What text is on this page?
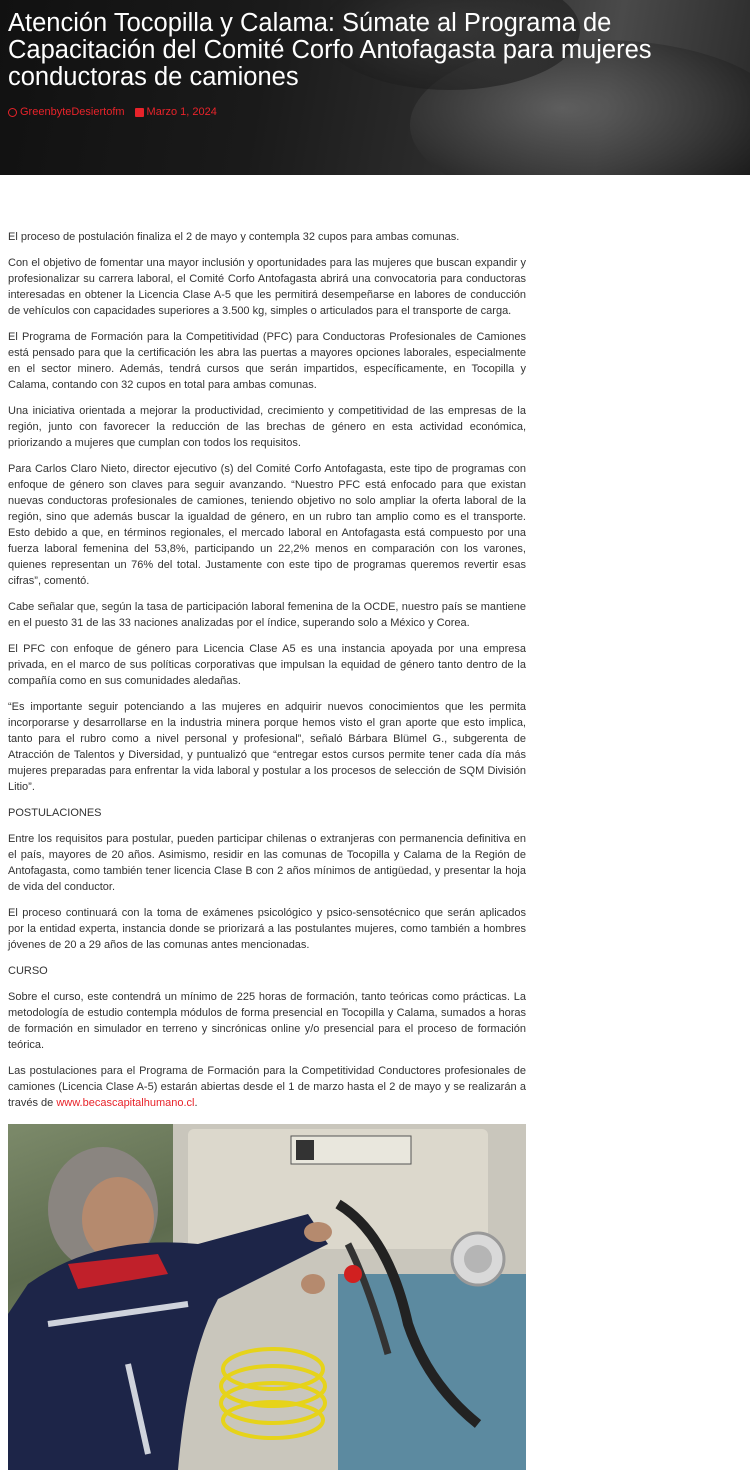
Atención Tocopilla y Calama: Súmate al Programa de Capacitación del Comité Corfo Antofagasta para mujeres conductoras de camiones
GreenbyteDesiertofm Marzo 1, 2024

El proceso de postulación finaliza el 2 de mayo y contempla 32 cupos para ambas comunas.

Con el objetivo de fomentar una mayor inclusión y oportunidades para las mujeres que buscan expandir y profesionalizar su carrera laboral, el Comité Corfo Antofagasta abrirá una convocatoria para conductoras interesadas en obtener la Licencia Clase A-5 que les permitirá desempeñarse en labores de conducción de vehículos con capacidades superiores a 3.500 kg, simples o articulados para el transporte de carga.

El Programa de Formación para la Competitividad (PFC) para Conductoras Profesionales de Camiones está pensado para que la certificación les abra las puertas a mayores opciones laborales, especialmente en el sector minero. Además, tendrá cursos que serán impartidos, específicamente, en Tocopilla y Calama, contando con 32 cupos en total para ambas comunas.

Una iniciativa orientada a mejorar la productividad, crecimiento y competitividad de las empresas de la región, junto con favorecer la reducción de las brechas de género en esta actividad económica, priorizando a mujeres que cumplan con todos los requisitos.

Para Carlos Claro Nieto, director ejecutivo (s) del Comité Corfo Antofagasta, este tipo de programas con enfoque de género son claves para seguir avanzando. “Nuestro PFC está enfocado para que existan nuevas conductoras profesionales de camiones, teniendo objetivo no solo ampliar la oferta laboral de la región, sino que además buscar la igualdad de género, en un rubro tan amplio como es el transporte. Esto debido a que, en términos regionales, el mercado laboral en Antofagasta está compuesto por una fuerza laboral femenina del 53,8%, participando un 22,2% menos en comparación con los varones, quienes representan un 76% del total. Justamente con este tipo de programas queremos revertir esas cifras”, comentó.

Cabe señalar que, según la tasa de participación laboral femenina de la OCDE, nuestro país se mantiene en el puesto 31 de las 33 naciones analizadas por el índice, superando solo a México y Corea.

El PFC con enfoque de género para Licencia Clase A5 es una instancia apoyada por una empresa privada, en el marco de sus políticas corporativas que impulsan la equidad de género tanto dentro de la compañía como en sus comunidades aledañas.

“Es importante seguir potenciando a las mujeres en adquirir nuevos conocimientos que les permita incorporarse y desarrollarse en la industria minera porque hemos visto el gran aporte que esto implica, tanto para el rubro como a nivel personal y profesional”, señaló Bárbara Blümel G., subgerenta de Atracción de Talentos y Diversidad, y puntualizó que “entregar estos cursos permite tener cada día más mujeres preparadas para enfrentar la vida laboral y postular a los procesos de selección de SQM División Litio”.

POSTULACIONES

Entre los requisitos para postular, pueden participar chilenas o extranjeras con permanencia definitiva en el país, mayores de 20 años. Asimismo, residir en las comunas de Tocopilla y Calama de la Región de Antofagasta, como también tener licencia Clase B con 2 años mínimos de antigüedad, y presentar la hoja de vida del conductor.

El proceso continuará con la toma de exámenes psicológico y psico-sensotécnico que serán aplicados por la entidad experta, instancia donde se priorizará a las postulantes mujeres, como también a hombres jóvenes de 20 a 29 años de las comunas antes mencionadas.

CURSO

Sobre el curso, este contendrá un mínimo de 225 horas de formación, tanto teóricas como prácticas. La metodología de estudio contempla módulos de forma presencial en Tocopilla y Calama, sumados a horas de formación en simulador en terreno y sincrónicas online y/o presencial para el proceso de formación teórica.

Las postulaciones para el Programa de Formación para la Competitividad Conductores profesionales de camiones (Licencia Clase A-5) estarán abiertas desde el 1 de marzo hasta el 2 de mayo y se realizarán a través de www.becascapitalhumano.cl.
